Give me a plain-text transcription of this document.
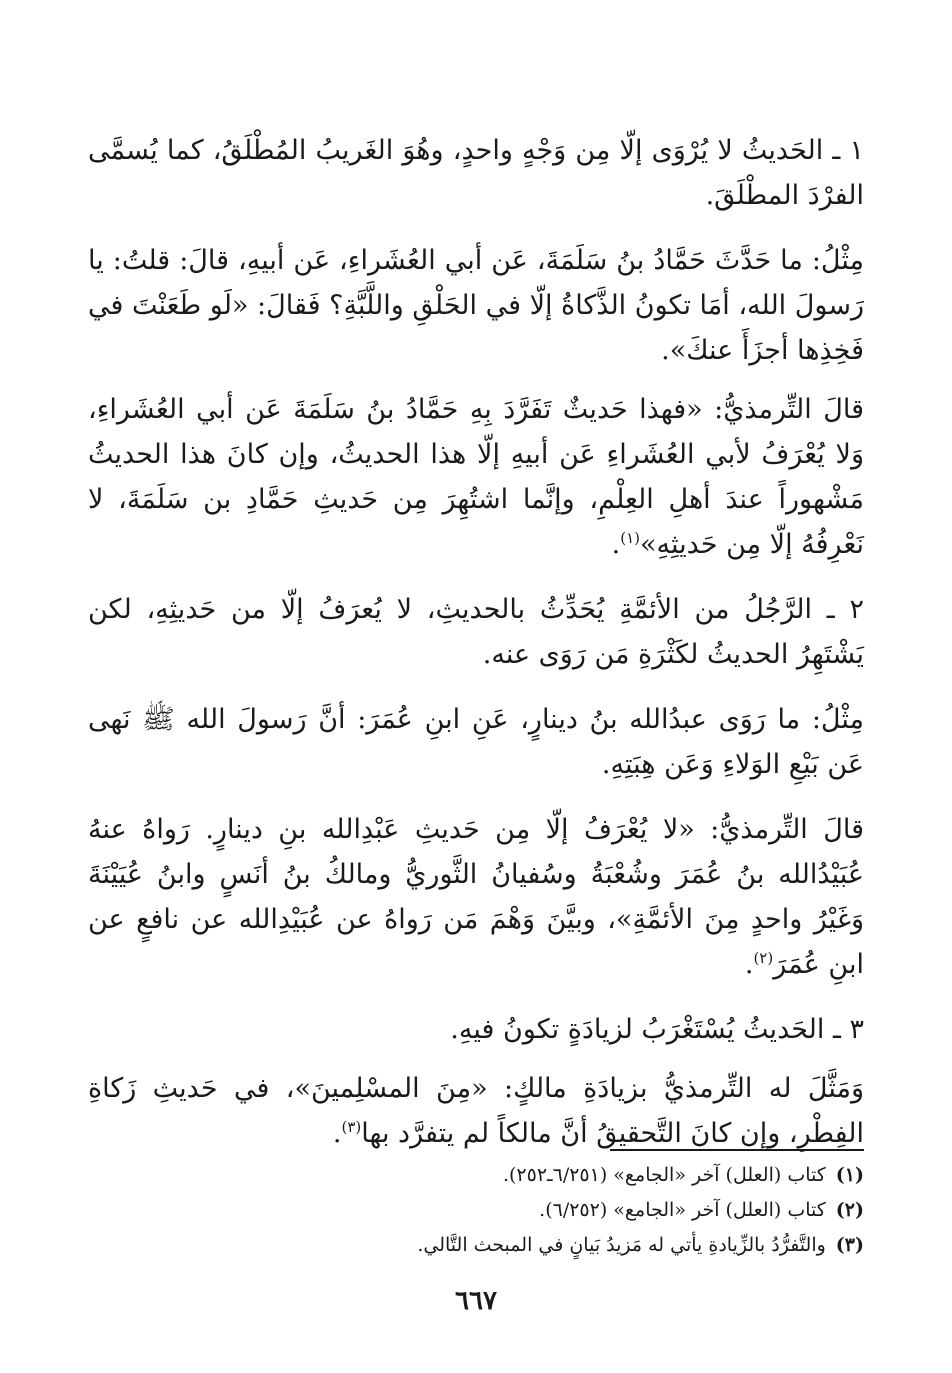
١ ـ الحَديثُ لا يُرْوَى إلّا مِن وَجْهٍ واحدٍ، وهُوَ الغَريبُ المُطْلَقُ، كما يُسمَّى الفرْدَ المطْلَقَ.

مِثْلُ: ما حَدَّثَ حَمَّادُ بنُ سَلَمَةَ، عَن أبي العُشَراءِ، عَن أبيهِ، قالَ: قلتُ: يا رَسولَ الله، أمَا تكونُ الذَّكاةُ إلّا في الحَلْقِ واللَّبَّةِ؟ فَقالَ: «لَو طَعَنْتَ في فَخِذِها أجزَأَ عنكَ».

قالَ التِّرمذيُّ: «فهذا حَديثٌ تَفَرَّدَ بِهِ حَمَّادُ بنُ سَلَمَةَ عَن أبي العُشَراءِ، وَلا يُعْرَفُ لأبي العُشَراءِ عَن أبيهِ إلّا هذا الحديثُ، وإن كانَ هذا الحديثُ مَشْهوراً عندَ أهلِ العِلْمِ، وإنَّما اشتُهِرَ مِن حَديثِ حَمَّادِ بن سَلَمَةَ، لا نَعْرِفُهُ إلّا مِن حَديثِهِ»$^{(١)}$.

٢ ـ الرَّجُلُ من الأئمَّةِ يُحَدِّثُ بالحديثِ، لا يُعرَفُ إلّا من حَديثِهِ، لكن يَشْتَهِرُ الحديثُ لكَثْرَةِ مَن رَوَى عنه.

مِثْلُ: ما رَوَى عبدُالله بنُ دينارٍ، عَنِ ابنِ عُمَرَ: أنَّ رَسولَ الله ﷺ نَهى عَن بَيْعِ الوَلاءِ وَعَن هِبَتِهِ.

قالَ التِّرمذيُّ: «لا يُعْرَفُ إلّا مِن حَديثِ عَبْدِالله بنِ دينارٍ. رَواهُ عنهُ عُبَيْدُالله بنُ عُمَرَ وشُعْبَةُ وسُفيانُ الثَّوريُّ ومالكُ بنُ أنَسٍ وابنُ عُيَيْنَةَ وَغَيْرُ واحدٍ مِنَ الأئمَّةِ»، وبيَّنَ وَهْمَ مَن رَواهُ عن عُبَيْدِالله عن نافعٍ عن ابنِ عُمَرَ$^{(٢)}$.

٣ ـ الحَديثُ يُسْتَغْرَبُ لزيادَةٍ تكونُ فيهِ.

وَمَثَّلَ له التِّرمذيُّ بزيادَةِ مالكٍ: «مِنَ المسْلِمينَ»، في حَديثِ زَكاةِ الفِطْرِ، وإن كانَ التَّحقيقُ أنَّ مالكاً لم يتفرَّد بها$^{(٣)}$.

(١)كتاب (العلل) آخر «الجامع» (٦/٢٥١ـ٢٥٢).
(٢)كتاب (العلل) آخر «الجامع» (٦/٢٥٢).
(٣)والتَّفرُّدُ بالزِّيادةِ يأتي له مَزيدُ بَيانٍ في المبحث التَّالي.
٦٦٧
